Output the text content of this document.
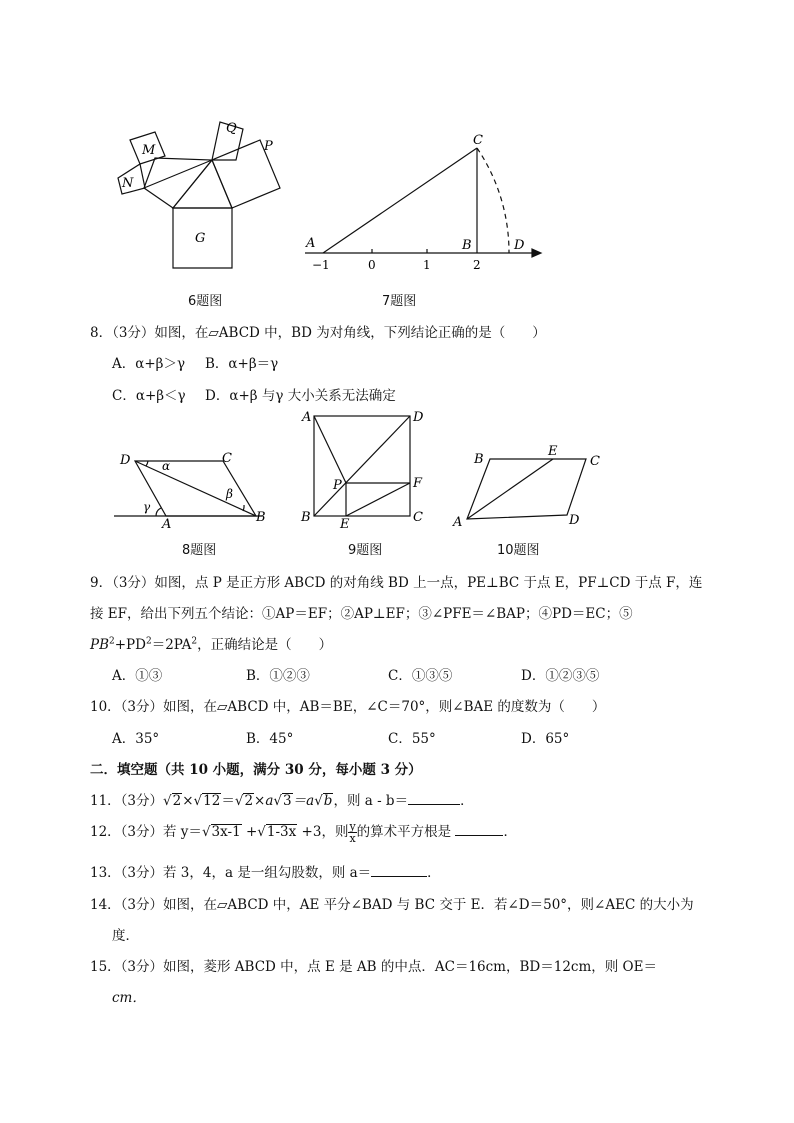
M
N
Q
P
G
6题图
A	B
C
D
−1	0	1	2
7题图
8．（3分）如图，在▱ABCD 中，BD 为对角线，下列结论正确的是（　　）
A．α+β＞γ B．α+β＝γ
C．α+β＜γ D．α+β 与γ 大小关系无法确定
D	C
A	B
α
β
γ
8题图
A	D
P	F
B E	C
9题图
B
E
C
A	D
10题图
9．（3分）如图，点 P 是正方形 ABCD 的对角线 BD 上一点，PE⊥BC 于点 E，PF⊥CD 于点 F，连
接 EF，给出下列五个结论：①AP＝EF；②AP⊥EF；③∠PFE＝∠BAP；④PD＝EC；⑤
$PB^2+PD^2=2PA^2$，正确结论是（　　）
A．①③	B．①②③	C．①③⑤	D．①②③⑤
10．（3分）如图，在▱ABCD 中，AB＝BE，∠C＝70°，则∠BAE 的度数为（　　）
A．35°	B．45°	C．55°	D．65°
二．填空题（共 10 小题，满分 30 分，每小题 3 分）
11．（3分）√2×√12＝√2×a√3＝a√b，则 a - b＝	．
12．（3分）若 y＝√3x-1 +√1-3x +3，则 $\frac{y}{x}$ 的算术平方根是	．
13．（3分）若 3，4，a 是一组勾股数，则 a＝	．
14．（3分）如图，在▱ABCD 中，AE 平分∠BAD 与 BC 交于 E．若∠D＝50°，则∠AEC 的大小为
度．
15．（3分）如图，菱形 ABCD 中，点 E 是 AB 的中点．AC＝16cm，BD＝12cm，则 OE＝
cm．
